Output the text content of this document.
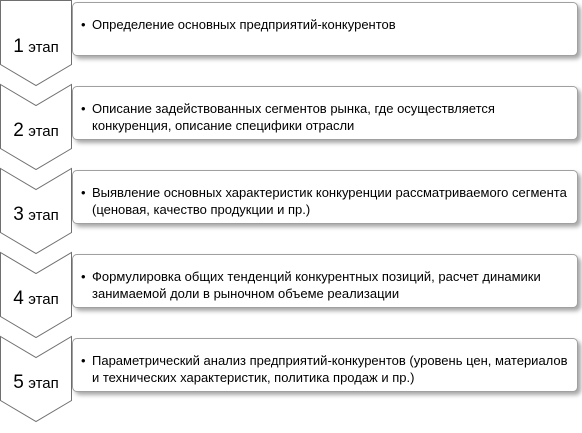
1 этап
• Определение основных предприятий-конкурентов
2 этап
• Описание задействованных сегментов рынка, где осуществляется конкуренция, описание специфики отрасли
3 этап
• Выявление основных характеристик конкуренции рассматриваемого сегмента (ценовая, качество продукции и пр.)
4 этап
• Формулировка общих тенденций конкурентных позиций, расчет динамики занимаемой доли в рыночном объеме реализации
5 этап
• Параметрический анализ предприятий-конкурентов (уровень цен, материалов и технических характеристик, политика продаж и пр.)
